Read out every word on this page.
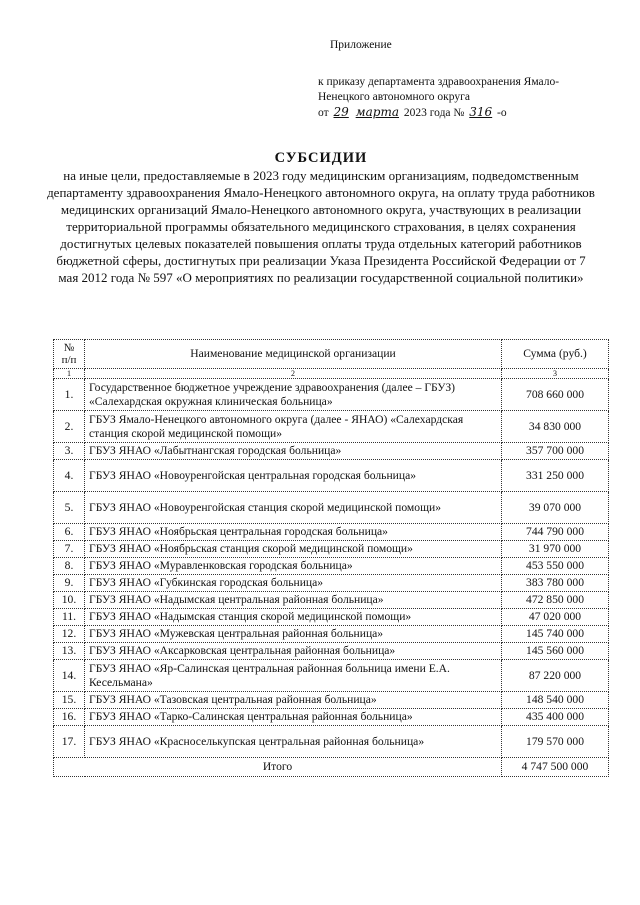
Приложение
к приказу департамента здравоохранения Ямало-
Ненецкого автономного округа
от 29 марта 2023 года № 316 -о
СУБСИДИИ
на иные цели, предоставляемые в 2023 году медицинским организациям, подведомственным департаменту здравоохранения Ямало-Ненецкого автономного округа, на оплату труда работников медицинских организаций Ямало-Ненецкого автономного округа, участвующих в реализации территориальной программы обязательного медицинского страхования, в целях сохранения достигнутых целевых показателей повышения оплаты труда отдельных категорий работников бюджетной сферы, достигнутых при реализации Указа Президента Российской Федерации от 7 мая 2012 года № 597 «О мероприятиях по реализации государственной социальной политики»
№
п/п	Наименование медицинской организации	Сумма (руб.)
1	2	3
1.	Государственное бюджетное учреждение здравоохранения (далее – ГБУЗ) «Салехардская окружная клиническая больница»	708 660 000
2.	ГБУЗ Ямало-Ненецкого автономного округа (далее - ЯНАО) «Салехардская станция скорой медицинской помощи»	34 830 000
3.	ГБУЗ ЯНАО «Лабытнангская городская больница»	357 700 000
4.	ГБУЗ ЯНАО «Новоуренгойская центральная городская больница»	331 250 000
5.	ГБУЗ ЯНАО «Новоуренгойская станция скорой медицинской помощи»	39 070 000
6.	ГБУЗ ЯНАО «Ноябрьская центральная городская больница»	744 790 000
7.	ГБУЗ ЯНАО «Ноябрьская станция скорой медицинской помощи»	31 970 000
8.	ГБУЗ ЯНАО «Муравленковская городская больница»	453 550 000
9.	ГБУЗ ЯНАО «Губкинская городская больница»	383 780 000
10.	ГБУЗ ЯНАО «Надымская центральная районная больница»	472 850 000
11.	ГБУЗ ЯНАО «Надымская станция скорой медицинской помощи»	47 020 000
12.	ГБУЗ ЯНАО «Мужевская центральная районная больница»	145 740 000
13.	ГБУЗ ЯНАО «Аксарковская центральная районная больница»	145 560 000
14.	ГБУЗ ЯНАО «Яр-Салинская центральная районная больница имени Е.А. Кесельмана»	87 220 000
15.	ГБУЗ ЯНАО «Тазовская центральная районная больница»	148 540 000
16.	ГБУЗ ЯНАО «Тарко-Салинская центральная районная больница»	435 400 000
17.	ГБУЗ ЯНАО «Красноселькупская центральная районная больница»	179 570 000
Итого		4 747 500 000
